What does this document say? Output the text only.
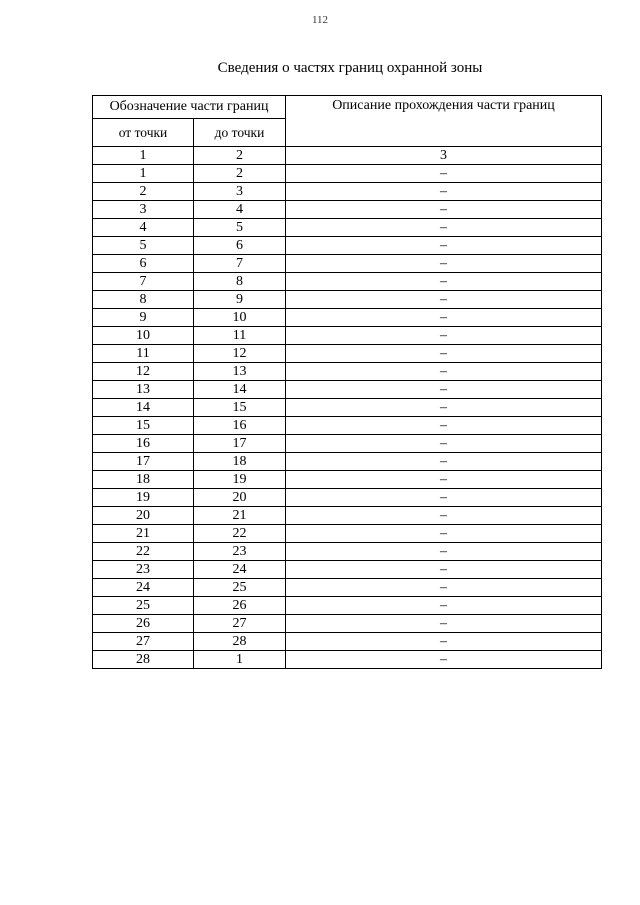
112
Сведения о частях границ охранной зоны
Обозначение части границ		Описание прохождения части границ
от точки	до точки	
1	2	3
1	2	–
2	3	–
3	4	–
4	5	–
5	6	–
6	7	–
7	8	–
8	9	–
9	10	–
10	11	–
11	12	–
12	13	–
13	14	–
14	15	–
15	16	–
16	17	–
17	18	–
18	19	–
19	20	–
20	21	–
21	22	–
22	23	–
23	24	–
24	25	–
25	26	–
26	27	–
27	28	–
28	1	–
